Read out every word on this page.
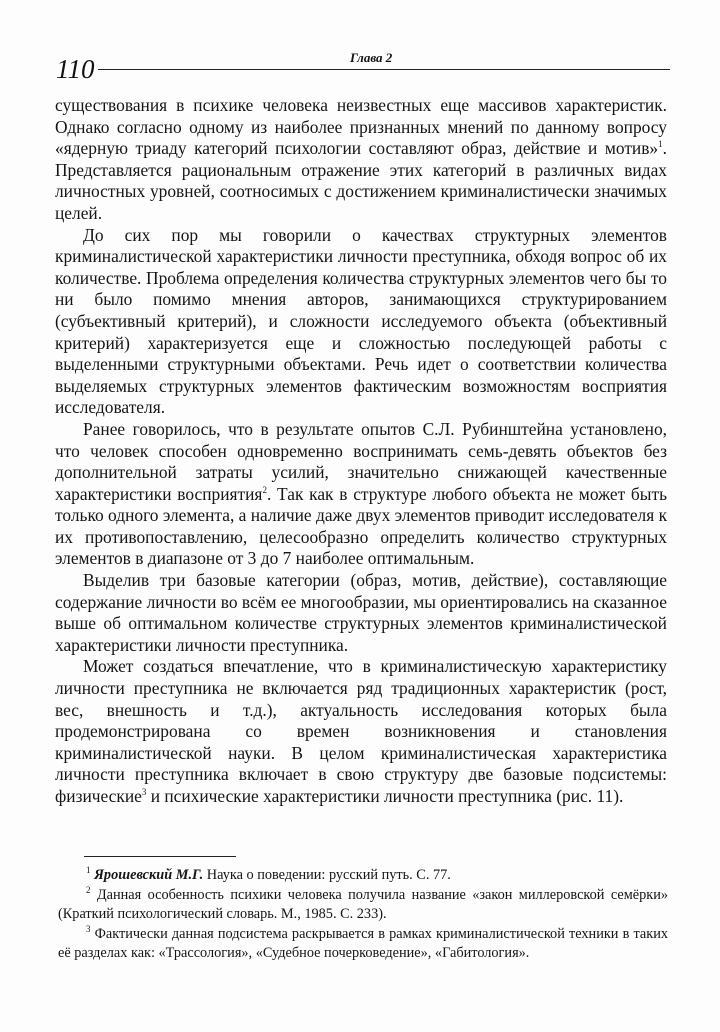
110	Глава 2

существования в психике человека неизвестных еще массивов характеристик. Однако согласно одному из наиболее признанных мнений по данному вопросу «ядерную триаду категорий психологии составляют образ, действие и мотив»$^1$. Представляется рациональным отражение этих категорий в различных видах личностных уровней, соотносимых с достижением криминалистически значимых целей.

До сих пор мы говорили о качествах структурных элементов криминалистической характеристики личности преступника, обходя вопрос об их количестве. Проблема определения количества структурных элементов чего бы то ни было помимо мнения авторов, занимающихся структурированием (субъективный критерий), и сложности исследуемого объекта (объективный критерий) характеризуется еще и сложностью последующей работы с выделенными структурными объектами. Речь идет о соответствии количества выделяемых структурных элементов фактическим возможностям восприятия исследователя.

Ранее говорилось, что в результате опытов С.Л. Рубинштейна установлено, что человек способен одновременно воспринимать семь-девять объектов без дополнительной затраты усилий, значительно снижающей качественные характеристики восприятия$^2$. Так как в структуре любого объекта не может быть только одного элемента, а наличие даже двух элементов приводит исследователя к их противопоставлению, целесообразно определить количество структурных элементов в диапазоне от 3 до 7 наиболее оптимальным.

Выделив три базовые категории (образ, мотив, действие), составляющие содержание личности во всём ее многообразии, мы ориентировались на сказанное выше об оптимальном количестве структурных элементов криминалистической характеристики личности преступника.

Может создаться впечатление, что в криминалистическую характеристику личности преступника не включается ряд традиционных характеристик (рост, вес, внешность и т.д.), актуальность исследования которых была продемонстрирована со времен возникновения и становления криминалистической науки. В целом криминалистическая характеристика личности преступника включает в свою структуру две базовые подсистемы: физические$^3$ и психические характеристики личности преступника (рис. 11).

$^1$ Ярошевский М.Г. Наука о поведении: русский путь. С. 77.

$^2$ Данная особенность психики человека получила название «закон миллеровской семёрки» (Краткий психологический словарь. М., 1985. С. 233).

$^3$ Фактически данная подсистема раскрывается в рамках криминалистической техники в таких её разделах как: «Трассология», «Судебное почерковедение», «Габитология».
